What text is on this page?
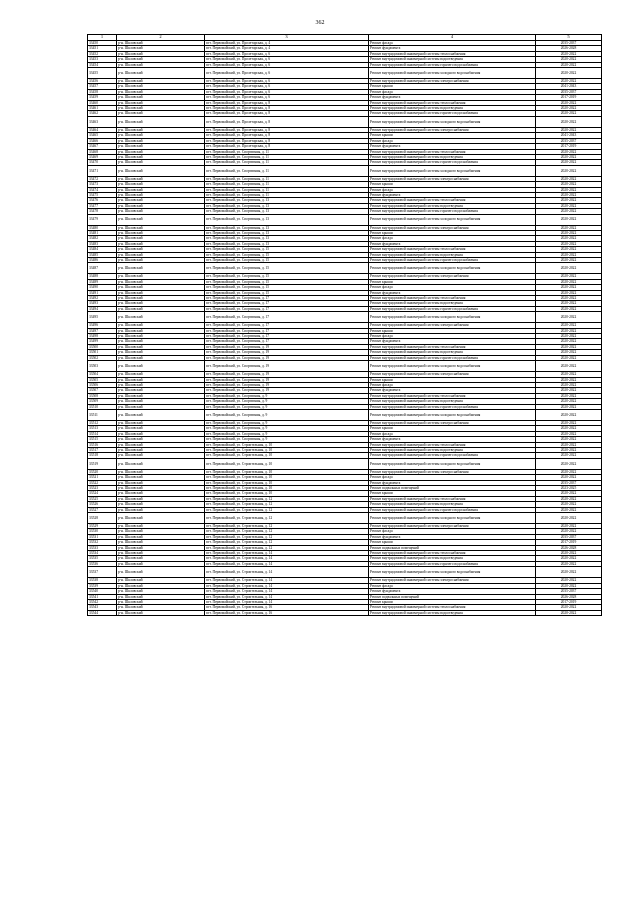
362
1	2	3	4	5
33450	р-н. Шкловский	пгт. Первомайский, ул. Пролетарская, д. 4	Ремонт фасада	2035-2037
33451	р-н. Шкловский	пгт. Первомайский, ул. Пролетарская, д. 4	Ремонт фундамента	2026-2028
33452	р-н. Шкловский	пгт. Первомайский, ул. Пролетарская, д. 6	Ремонт внутридомовой инженерной системы теплоснабжения	2020-2022
33453	р-н. Шкловский	пгт. Первомайский, ул. Пролетарская, д. 6	Ремонт внутридомовой инженерной системы водоотведения	2020-2022
33454	р-н. Шкловский	пгт. Первомайский, ул. Пролетарская, д. 6	Ремонт внутридомовой инженерной системы горячего водоснабжения	2020-2022
33455	р-н. Шкловский	пгт. Первомайский, ул. Пролетарская, д. 6	Ремонт внутридомовой инженерной системы холодного водоснабжения	2020-2022
33456	р-н. Шкловский	пгт. Первомайский, ул. Пролетарская, д. 6	Ремонт внутридомовой инженерной системы электроснабжения	2020-2022
33457	р-н. Шкловский	пгт. Первомайский, ул. Пролетарская, д. 6	Ремонт крыши	2041-2043
33458	р-н. Шкловский	пгт. Первомайский, ул. Пролетарская, д. 6	Ремонт фасада	2035-2037
33459	р-н. Шкловский	пгт. Первомайский, ул. Пролетарская, д. 6	Ремонт фундамента	2017-2019
33460	р-н. Шкловский	пгт. Первомайский, ул. Пролетарская, д. 8	Ремонт внутридомовой инженерной системы теплоснабжения	2020-2022
33461	р-н. Шкловский	пгт. Первомайский, ул. Пролетарская, д. 8	Ремонт внутридомовой инженерной системы водоотведения	2020-2022
33462	р-н. Шкловский	пгт. Первомайский, ул. Пролетарская, д. 8	Ремонт внутридомовой инженерной системы горячего водоснабжения	2020-2022
33463	р-н. Шкловский	пгт. Первомайский, ул. Пролетарская, д. 8	Ремонт внутридомовой инженерной системы холодного водоснабжения	2020-2022
33464	р-н. Шкловский	пгт. Первомайский, ул. Пролетарская, д. 8	Ремонт внутридомовой инженерной системы электроснабжения	2020-2022
33465	р-н. Шкловский	пгт. Первомайский, ул. Пролетарская, д. 8	Ремонт крыши	2041-2043
33466	р-н. Шкловский	пгт. Первомайский, ул. Пролетарская, д. 8	Ремонт фасада	2035-2037
33467	р-н. Шкловский	пгт. Первомайский, ул. Пролетарская, д. 8	Ремонт фундамента	2017-2019
33468	р-н. Шкловский	пгт. Первомайский, ул. Спортивная, д. 11	Ремонт внутридомовой инженерной системы теплоснабжения	2020-2022
33469	р-н. Шкловский	пгт. Первомайский, ул. Спортивная, д. 11	Ремонт внутридомовой инженерной системы водоотведения	2020-2022
33470	р-н. Шкловский	пгт. Первомайский, ул. Спортивная, д. 11	Ремонт внутридомовой инженерной системы горячего водоснабжения	2020-2022
33471	р-н. Шкловский	пгт. Первомайский, ул. Спортивная, д. 11	Ремонт внутридомовой инженерной системы холодного водоснабжения	2020-2022
33472	р-н. Шкловский	пгт. Первомайский, ул. Спортивная, д. 11	Ремонт внутридомовой инженерной системы электроснабжения	2020-2022
33473	р-н. Шкловский	пгт. Первомайский, ул. Спортивная, д. 11	Ремонт крыши	2020-2022
33474	р-н. Шкловский	пгт. Первомайский, ул. Спортивная, д. 11	Ремонт фасада	2020-2022
33475	р-н. Шкловский	пгт. Первомайский, ул. Спортивная, д. 11	Ремонт фундамента	2020-2022
33476	р-н. Шкловский	пгт. Первомайский, ул. Спортивная, д. 13	Ремонт внутридомовой инженерной системы теплоснабжения	2020-2022
33477	р-н. Шкловский	пгт. Первомайский, ул. Спортивная, д. 13	Ремонт внутридомовой инженерной системы водоотведения	2020-2022
33478	р-н. Шкловский	пгт. Первомайский, ул. Спортивная, д. 13	Ремонт внутридомовой инженерной системы горячего водоснабжения	2020-2022
33479	р-н. Шкловский	пгт. Первомайский, ул. Спортивная, д. 13	Ремонт внутридомовой инженерной системы холодного водоснабжения	2020-2022
33480	р-н. Шкловский	пгт. Первомайский, ул. Спортивная, д. 13	Ремонт внутридомовой инженерной системы электроснабжения	2020-2022
33481	р-н. Шкловский	пгт. Первомайский, ул. Спортивная, д. 13	Ремонт крыши	2020-2022
33482	р-н. Шкловский	пгт. Первомайский, ул. Спортивная, д. 13	Ремонт фасада	2020-2022
33483	р-н. Шкловский	пгт. Первомайский, ул. Спортивная, д. 13	Ремонт фундамента	2020-2022
33484	р-н. Шкловский	пгт. Первомайский, ул. Спортивная, д. 15	Ремонт внутридомовой инженерной системы теплоснабжения	2020-2022
33485	р-н. Шкловский	пгт. Первомайский, ул. Спортивная, д. 15	Ремонт внутридомовой инженерной системы водоотведения	2020-2022
33486	р-н. Шкловский	пгт. Первомайский, ул. Спортивная, д. 15	Ремонт внутридомовой инженерной системы горячего водоснабжения	2020-2022
33487	р-н. Шкловский	пгт. Первомайский, ул. Спортивная, д. 15	Ремонт внутридомовой инженерной системы холодного водоснабжения	2020-2022
33488	р-н. Шкловский	пгт. Первомайский, ул. Спортивная, д. 15	Ремонт внутридомовой инженерной системы электроснабжения	2020-2022
33489	р-н. Шкловский	пгт. Первомайский, ул. Спортивная, д. 15	Ремонт крыши	2020-2022
33490	р-н. Шкловский	пгт. Первомайский, ул. Спортивная, д. 15	Ремонт фасада	2020-2022
33491	р-н. Шкловский	пгт. Первомайский, ул. Спортивная, д. 15	Ремонт фундамента	2020-2022
33492	р-н. Шкловский	пгт. Первомайский, ул. Спортивная, д. 17	Ремонт внутридомовой инженерной системы теплоснабжения	2020-2022
33493	р-н. Шкловский	пгт. Первомайский, ул. Спортивная, д. 17	Ремонт внутридомовой инженерной системы водоотведения	2020-2022
33494	р-н. Шкловский	пгт. Первомайский, ул. Спортивная, д. 17	Ремонт внутридомовой инженерной системы горячего водоснабжения	2020-2022
33495	р-н. Шкловский	пгт. Первомайский, ул. Спортивная, д. 17	Ремонт внутридомовой инженерной системы холодного водоснабжения	2020-2022
33496	р-н. Шкловский	пгт. Первомайский, ул. Спортивная, д. 17	Ремонт внутридомовой инженерной системы электроснабжения	2020-2022
33497	р-н. Шкловский	пгт. Первомайский, ул. Спортивная, д. 17	Ремонт крыши	2020-2022
33498	р-н. Шкловский	пгт. Первомайский, ул. Спортивная, д. 17	Ремонт фасада	2020-2022
33499	р-н. Шкловский	пгт. Первомайский, ул. Спортивная, д. 17	Ремонт фундамента	2020-2022
33500	р-н. Шкловский	пгт. Первомайский, ул. Спортивная, д. 19	Ремонт внутридомовой инженерной системы теплоснабжения	2020-2022
33501	р-н. Шкловский	пгт. Первомайский, ул. Спортивная, д. 19	Ремонт внутридомовой инженерной системы водоотведения	2020-2022
33502	р-н. Шкловский	пгт. Первомайский, ул. Спортивная, д. 19	Ремонт внутридомовой инженерной системы горячего водоснабжения	2020-2022
33503	р-н. Шкловский	пгт. Первомайский, ул. Спортивная, д. 19	Ремонт внутридомовой инженерной системы холодного водоснабжения	2020-2022
33504	р-н. Шкловский	пгт. Первомайский, ул. Спортивная, д. 19	Ремонт внутридомовой инженерной системы электроснабжения	2020-2022
33505	р-н. Шкловский	пгт. Первомайский, ул. Спортивная, д. 19	Ремонт крыши	2020-2022
33506	р-н. Шкловский	пгт. Первомайский, ул. Спортивная, д. 19	Ремонт фасада	2020-2022
33507	р-н. Шкловский	пгт. Первомайский, ул. Спортивная, д. 19	Ремонт фундамента	2020-2022
33508	р-н. Шкловский	пгт. Первомайский, ул. Спортивная, д. 9	Ремонт внутридомовой инженерной системы теплоснабжения	2020-2022
33509	р-н. Шкловский	пгт. Первомайский, ул. Спортивная, д. 9	Ремонт внутридомовой инженерной системы водоотведения	2020-2022
33510	р-н. Шкловский	пгт. Первомайский, ул. Спортивная, д. 9	Ремонт внутридомовой инженерной системы горячего водоснабжения	2020-2022
33511	р-н. Шкловский	пгт. Первомайский, ул. Спортивная, д. 9	Ремонт внутридомовой инженерной системы холодного водоснабжения	2020-2022
33512	р-н. Шкловский	пгт. Первомайский, ул. Спортивная, д. 9	Ремонт внутридомовой инженерной системы электроснабжения	2020-2022
33513	р-н. Шкловский	пгт. Первомайский, ул. Спортивная, д. 9	Ремонт крыши	2020-2022
33514	р-н. Шкловский	пгт. Первомайский, ул. Спортивная, д. 9	Ремонт фасада	2020-2022
33515	р-н. Шкловский	пгт. Первомайский, ул. Спортивная, д. 9	Ремонт фундамента	2020-2022
33516	р-н. Шкловский	пгт. Первомайский, ул. Строительная, д. 10	Ремонт внутридомовой инженерной системы теплоснабжения	2020-2022
33517	р-н. Шкловский	пгт. Первомайский, ул. Строительная, д. 10	Ремонт внутридомовой инженерной системы водоотведения	2020-2022
33518	р-н. Шкловский	пгт. Первомайский, ул. Строительная, д. 10	Ремонт внутридомовой инженерной системы горячего водоснабжения	2020-2022
33519	р-н. Шкловский	пгт. Первомайский, ул. Строительная, д. 10	Ремонт внутридомовой инженерной системы холодного водоснабжения	2020-2022
33520	р-н. Шкловский	пгт. Первомайский, ул. Строительная, д. 10	Ремонт внутридомовой инженерной системы электроснабжения	2020-2022
33521	р-н. Шкловский	пгт. Первомайский, ул. Строительная, д. 10	Ремонт фасада	2020-2022
33522	р-н. Шкловский	пгт. Первомайский, ул. Строительная, д. 10	Ремонт фундамента	2035-2037
33523	р-н. Шкловский	пгт. Первомайский, ул. Строительная, д. 10	Ремонт подвальных помещений	2023-2025
33524	р-н. Шкловский	пгт. Первомайский, ул. Строительная, д. 10	Ремонт крыши	2020-2022
33525	р-н. Шкловский	пгт. Первомайский, ул. Строительная, д. 12	Ремонт внутридомовой инженерной системы теплоснабжения	2020-2022
33526	р-н. Шкловский	пгт. Первомайский, ул. Строительная, д. 12	Ремонт внутридомовой инженерной системы водоотведения	2020-2022
33527	р-н. Шкловский	пгт. Первомайский, ул. Строительная, д. 12	Ремонт внутридомовой инженерной системы горячего водоснабжения	2020-2022
33528	р-н. Шкловский	пгт. Первомайский, ул. Строительная, д. 12	Ремонт внутридомовой инженерной системы холодного водоснабжения	2020-2022
33529	р-н. Шкловский	пгт. Первомайский, ул. Строительная, д. 12	Ремонт внутридомовой инженерной системы электроснабжения	2020-2022
33530	р-н. Шкловский	пгт. Первомайский, ул. Строительная, д. 12	Ремонт фасада	2020-2022
33531	р-н. Шкловский	пгт. Первомайский, ул. Строительная, д. 12	Ремонт фундамента	2035-2037
33532	р-н. Шкловский	пгт. Первомайский, ул. Строительная, д. 12	Ремонт крыши	2017-2019
33533	р-н. Шкловский	пгт. Первомайский, ул. Строительная, д. 12	Ремонт подвальных помещений	2026-2028
33534	р-н. Шкловский	пгт. Первомайский, ул. Строительная, д. 14	Ремонт внутридомовой инженерной системы теплоснабжения	2020-2022
33535	р-н. Шкловский	пгт. Первомайский, ул. Строительная, д. 14	Ремонт внутридомовой инженерной системы водоотведения	2020-2022
33536	р-н. Шкловский	пгт. Первомайский, ул. Строительная, д. 14	Ремонт внутридомовой инженерной системы горячего водоснабжения	2020-2022
33537	р-н. Шкловский	пгт. Первомайский, ул. Строительная, д. 14	Ремонт внутридомовой инженерной системы холодного водоснабжения	2020-2022
33538	р-н. Шкловский	пгт. Первомайский, ул. Строительная, д. 14	Ремонт внутридомовой инженерной системы электроснабжения	2020-2022
33539	р-н. Шкловский	пгт. Первомайский, ул. Строительная, д. 14	Ремонт фасада	2020-2022
33540	р-н. Шкловский	пгт. Первомайский, ул. Строительная, д. 14	Ремонт фундамента	2035-2037
33541	р-н. Шкловский	пгт. Первомайский, ул. Строительная, д. 14	Ремонт подвальных помещений	2026-2028
33542	р-н. Шкловский	пгт. Первомайский, ул. Строительная, д. 14	Ремонт крыши	2017-2019
33543	р-н. Шкловский	пгт. Первомайский, ул. Строительная, д. 16	Ремонт внутридомовой инженерной системы теплоснабжения	2020-2022
33544	р-н. Шкловский	пгт. Первомайский, ул. Строительная, д. 16	Ремонт внутридомовой инженерной системы водоотведения	2020-2022
